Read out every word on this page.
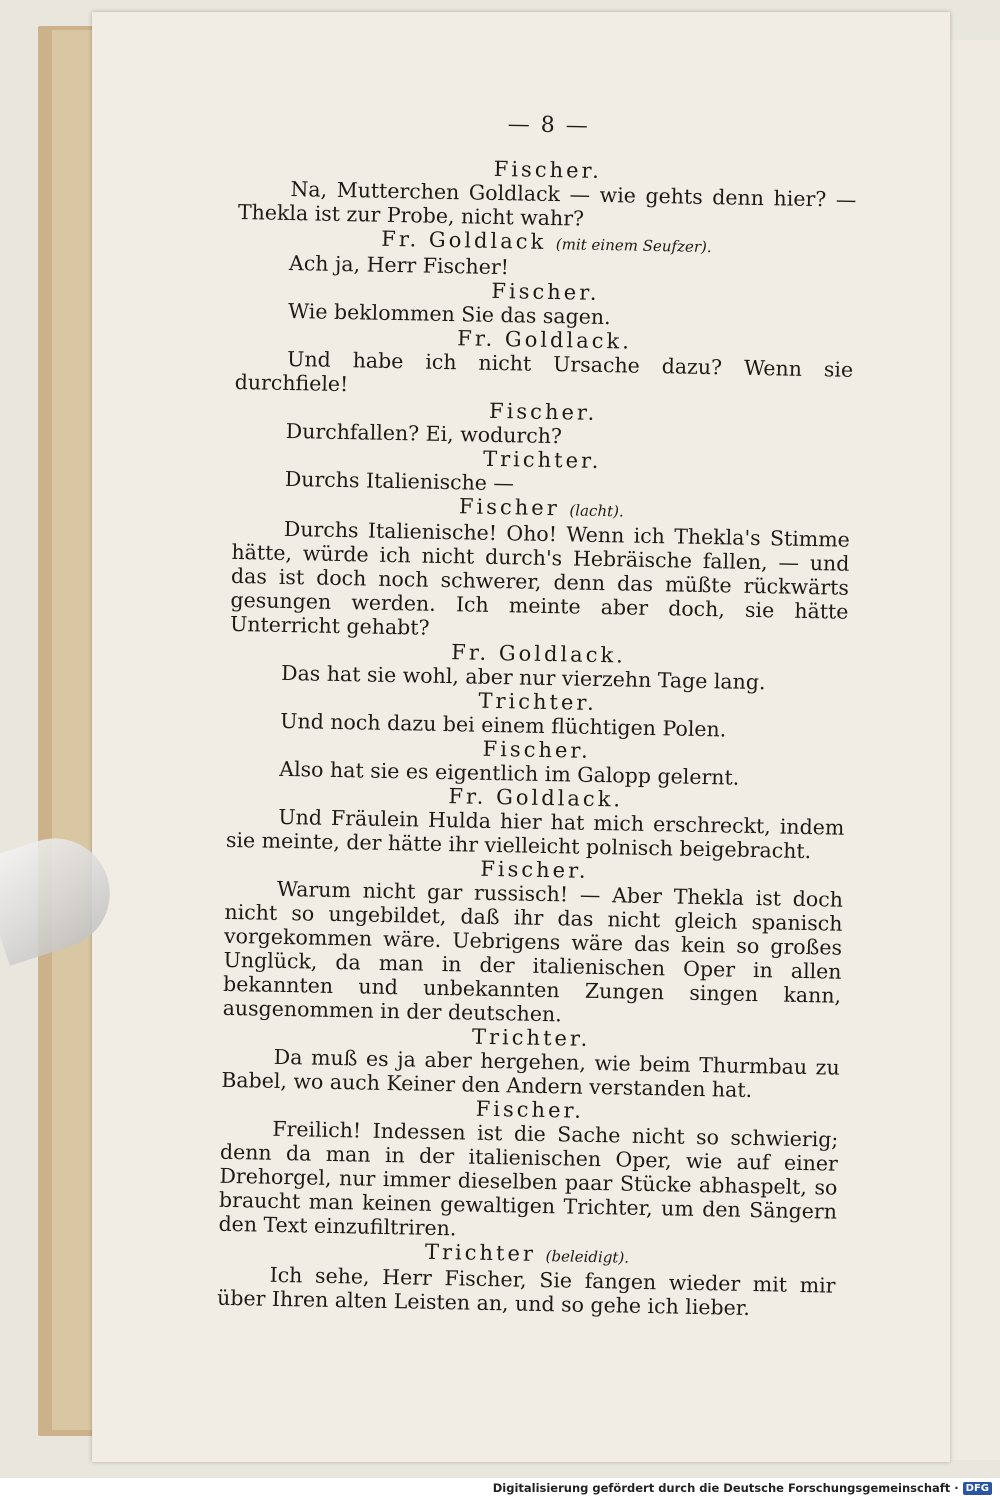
— 8 —
Fischer.
Na, Mutterchen Goldlack — wie gehts denn hier? — Thekla ist zur Probe, nicht wahr?
Fr. Goldlack (mit einem Seufzer).
Ach ja, Herr Fischer!
Fischer.
Wie beklommen Sie das sagen.
Fr. Goldlack.
Und habe ich nicht Ursache dazu? Wenn sie durchfiele!
Fischer.
Durchfallen? Ei, wodurch?
Trichter.
Durchs Italienische —
Fischer (lacht).
Durchs Italienische! Oho! Wenn ich Thekla's Stimme hätte, würde ich nicht durch's Hebräische fallen, — und das ist doch noch schwerer, denn das müßte rückwärts gesungen werden. Ich meinte aber doch, sie hätte Unterricht gehabt?
Fr. Goldlack.
Das hat sie wohl, aber nur vierzehn Tage lang.
Trichter.
Und noch dazu bei einem flüchtigen Polen.
Fischer.
Also hat sie es eigentlich im Galopp gelernt.
Fr. Goldlack.
Und Fräulein Hulda hier hat mich erschreckt, indem sie meinte, der hätte ihr vielleicht polnisch beigebracht.
Fischer.
Warum nicht gar russisch! — Aber Thekla ist doch nicht so ungebildet, daß ihr das nicht gleich spanisch vorgekommen wäre. Uebrigens wäre das kein so großes Unglück, da man in der italienischen Oper in allen bekannten und unbekannten Zungen singen kann, ausgenommen in der deutschen.
Trichter.
Da muß es ja aber hergehen, wie beim Thurmbau zu Babel, wo auch Keiner den Andern verstanden hat.
Fischer.
Freilich! Indessen ist die Sache nicht so schwierig; denn da man in der italienischen Oper, wie auf einer Drehorgel, nur immer dieselben paar Stücke abhaspelt, so braucht man keinen gewaltigen Trichter, um den Sängern den Text einzufiltriren.
Trichter (beleidigt).
Ich sehe, Herr Fischer, Sie fangen wieder mit mir über Ihren alten Leisten an, und so gehe ich lieber.
Digitalisierung gefördert durch die Deutsche Forschungsgemeinschaft · DFG
